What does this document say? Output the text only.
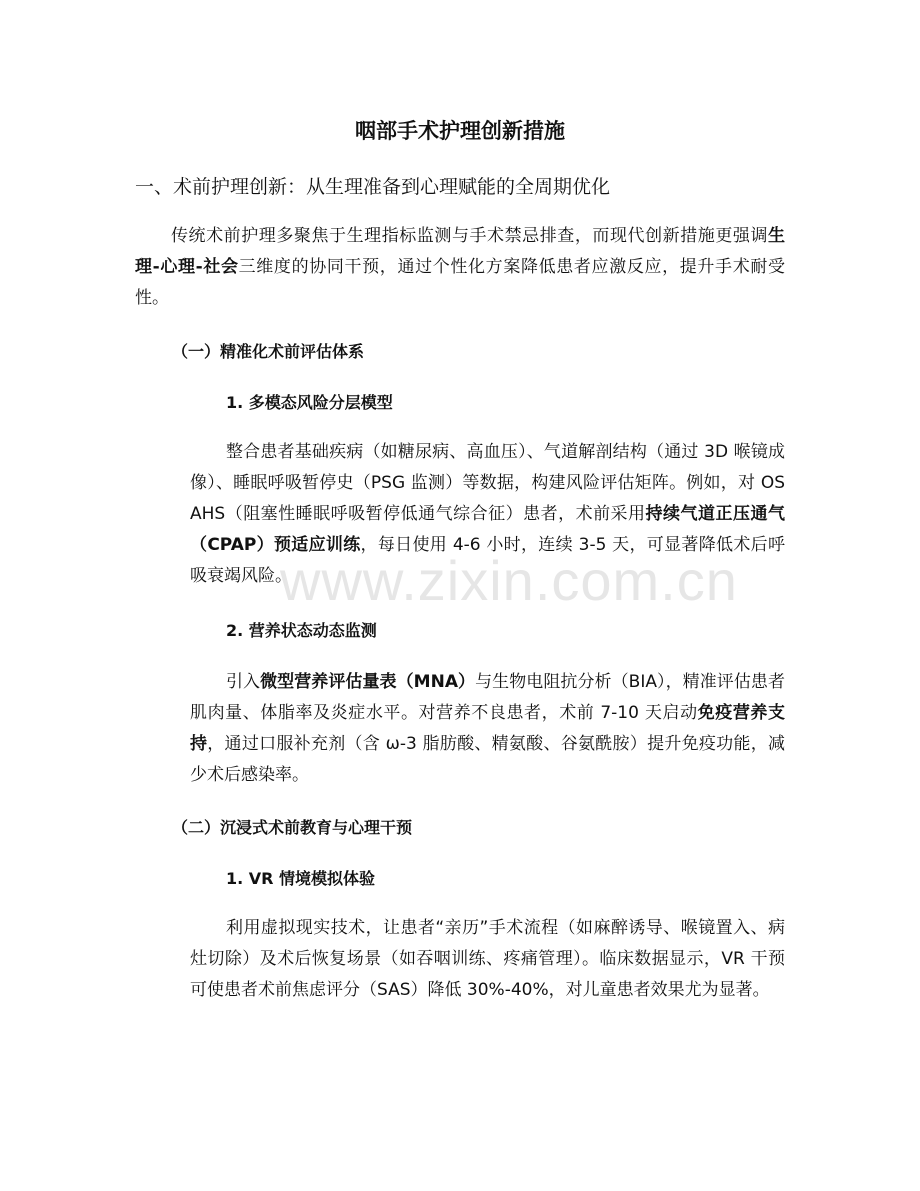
www.zixin.com.cn
咽部手术护理创新措施
一、术前护理创新：从生理准备到心理赋能的全周期优化

传统术前护理多聚焦于生理指标监测与手术禁忌排查，而现代创新措施更强调生理-心理-社会三维度的协同干预，通过个性化方案降低患者应激反应，提升手术耐受性。

（一）精准化术前评估体系
1. 多模态风险分层模型

整合患者基础疾病（如糖尿病、高血压）、气道解剖结构（通过 3D 喉镜成像）、睡眠呼吸暂停史（PSG 监测）等数据，构建风险评估矩阵。例如，对 OSAHS（阻塞性睡眠呼吸暂停低通气综合征）患者，术前采用持续气道正压通气（CPAP）预适应训练，每日使用 4-6 小时，连续 3-5 天，可显著降低术后呼吸衰竭风险。

2. 营养状态动态监测

引入微型营养评估量表（MNA）与生物电阻抗分析（BIA），精准评估患者肌肉量、体脂率及炎症水平。对营养不良患者，术前 7-10 天启动免疫营养支持，通过口服补充剂（含 ω-3 脂肪酸、精氨酸、谷氨酰胺）提升免疫功能，减少术后感染率。

（二）沉浸式术前教育与心理干预
1. VR 情境模拟体验

利用虚拟现实技术，让患者“亲历”手术流程（如麻醉诱导、喉镜置入、病灶切除）及术后恢复场景（如吞咽训练、疼痛管理）。临床数据显示，VR 干预可使患者术前焦虑评分（SAS）降低 30%-40%，对儿童患者效果尤为显著。
